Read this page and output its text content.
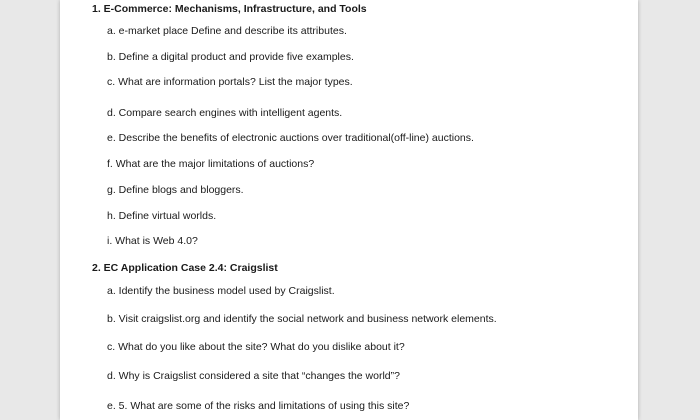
1. E-Commerce: Mechanisms, Infrastructure, and Tools
a. e-market place Define and describe its attributes.
b. Define a digital product and provide five examples.
c. What are information portals? List the major types.
d. Compare search engines with intelligent agents.
e. Describe the benefits of electronic auctions over traditional(off-line) auctions.
f. What are the major limitations of auctions?
g. Define blogs and bloggers.
h. Define virtual worlds.
i. What is Web 4.0?
2. EC Application Case 2.4: Craigslist
a. Identify the business model used by Craigslist.
b. Visit craigslist.org and identify the social network and business network elements.
c. What do you like about the site? What do you dislike about it?
d. Why is Craigslist considered a site that “changes the world”?
e. 5. What are some of the risks and limitations of using this site?
